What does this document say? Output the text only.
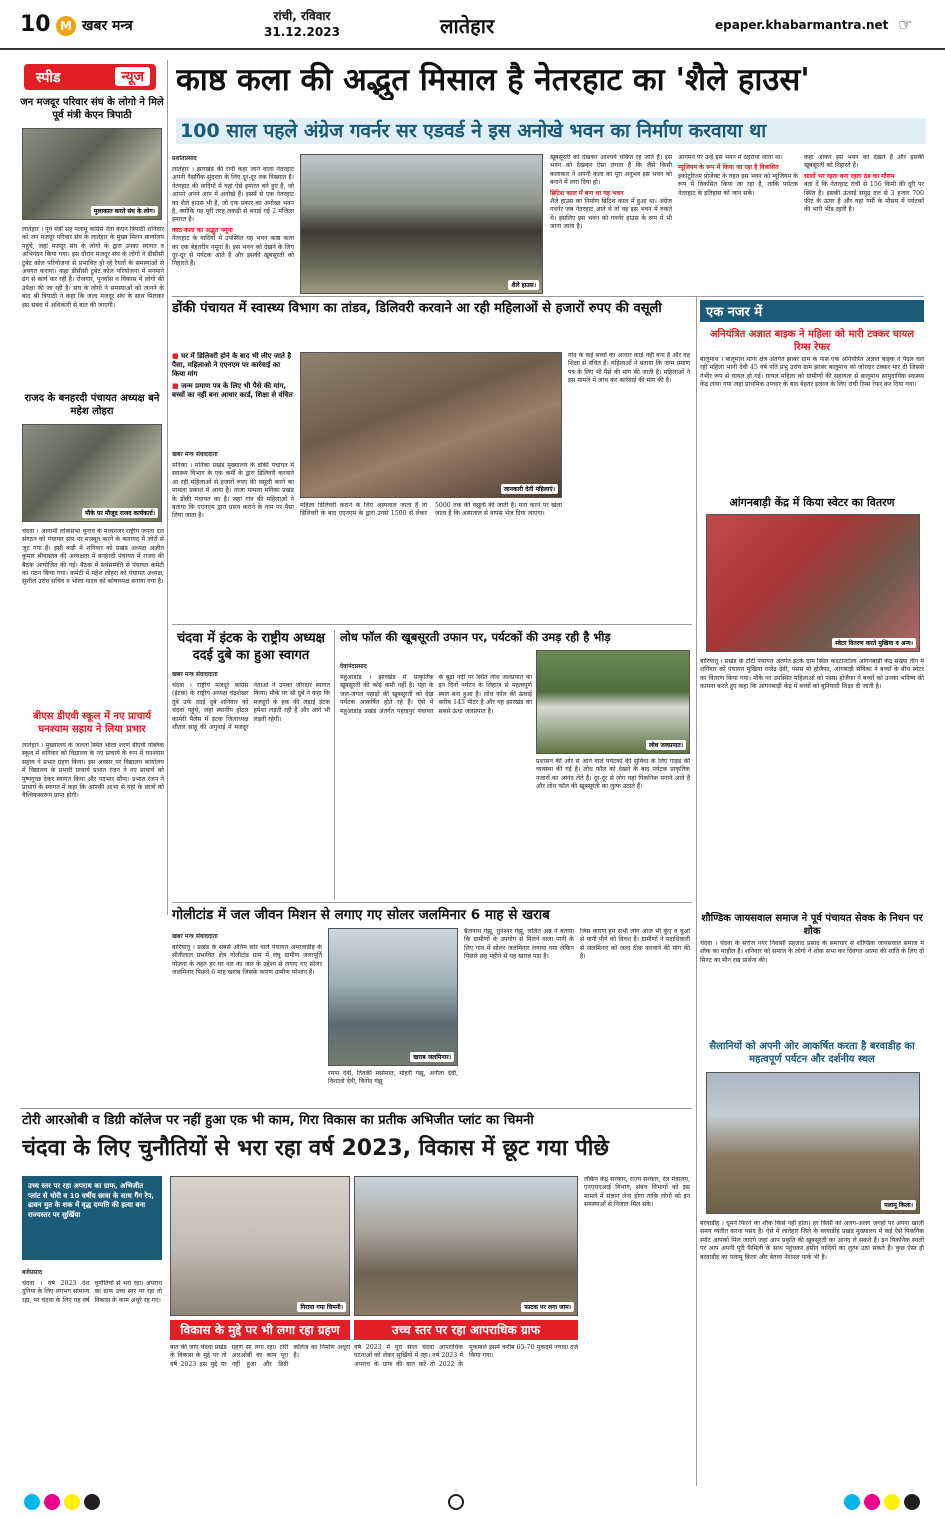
10 M खबर मन्त्र
रांची, रविवार
31.12.2023	लातेहार	epaper.khabarmantra.net ☞
स्पीड	न्यूज
जन मजदूर परिवार संघ के लोगो ने मिले पूर्व मंत्री केएन त्रिपाठी
मुलाकात करते संघ के लोग।
लातेहार । पूर्व मंत्री सह पलामू कांग्रेस नेता केएन त्रिपाठी शनिवार को जन मजदूर परिवार संघ के लातेहार के मुख्य मिलन कार्यालय पहुंचे, जहां मजदूर संघ के लोगो के द्वारा उनका स्वागत व अभिनंदन किया गया। इस दौरान मजदूर संघ के लोगो ने डीसीसी ट्रुबेट कोल परियोजना से प्रभावित हो रहे रैयतों के समस्याओं से अवगत कराया। कहा डीसीसी ट्रुबेट कोल परियोजना में मनमाने ढंग से कार्य कर रही है। रोजगार, पुनर्वास व विकास में लोगो की उपेक्षा की जा रही है। संघ के लोगो ने समस्याओं को जानने के बाद श्री त्रिपाठी ने कहा कि जल्द मजदूर संघ के साथ मिलकर इस संबंध में अधिकारी से बात की जाएगी।
राजद के बनहरदी पंचायत अध्यक्ष बने महेश लोहरा
मौके पर मौजूद राजद कार्यकर्ता।
चंदवा । आगामी लोकसभा चुनाव के मध्यनजर राष्ट्रीय जनता दल संगठन को पंचायत स्तर पर मजबूत करने के कवायद में जोरों से जुट गया है। इसी कड़ी में शनिवार को प्रखंड अध्यक्ष अजीत कुमार श्रीवास्तव की अध्यक्षता में बनहरदी पंचायत में राजद की बैठक आयोजित की गई। बैठक में सर्वसम्मति से पंचायत कमेटी का गठन किया गया। कमेटी में महेश लोहरा को पंचायत अध्यक्ष, सुशील उरांव सचिव व भोला यादव को कोषाध्यक्ष बनाया गया है।
बीएस डीएवी स्कूल में नए प्राचार्य घनश्याम सहाय ने लिया प्रभार
लातेहार । मुख्यालय के जलता स्थित भोला शरण डीएवी पब्लिक स्कूल में शनिवार को विद्यालय के नए प्राचार्य के रूप में घनश्याम सहाय ने प्रभार ग्रहण किया। इस अवसर पर विद्यालय कार्यालय में विद्यालय के प्रभारी प्राचार्य प्रभात रंजन ने नए प्राचार्य को पुष्पगुच्छ देकर स्वागत किया और पदभार सौंपा। प्रभात रंजन ने प्राचार्य के स्वागत में कहा कि आपकी आभा से यहां के छात्रों को वैश्विकस्वरूप प्राप्त होगी।
काष्ठ कला की अद्भुत मिसाल है नेतरहाट का 'शैले हाउस'
100 साल पहले अंग्रेज गवर्नर सर एडवर्ड ने इस अनोखे भवन का निर्माण करवाया था
प्रशांतप्रसाद
लातेहार । झारखंड की रानी कहा जाने वाला नेतरहाट अपनी नैसर्गिक सुंदरता के लिए दूर-दूर तक विख्यात है। नेतरहाट की वादियों में यहां ऐसे इमारत बने हुए हैं, जो आपने अपने आप में अनोखे हैं। इसमें से एक नेतरहाट का शैले हाउस भी है, जो एक प्रकार का अनोखा भवन है, क्योंकि यह पूरी तरह लकड़ी से बनाई गई 2 मंजिला इमारत है।
काठ कला का अद्भुत नमूना
नेतरहाट के वादियों में उपस्थित यह भवन काष्ठ कला का एक बेहतरीन नमूना है। इस भवन को देखने के लिए दूर-दूर से पर्यटक आते हैं और इसकी खूबसूरती को निहारते हैं।
शैले हाउस।
खूबसूरती को देखकर आश्चर्य चकित रह जाते हैं। इस भवन को देखकर ऐसा लगता है कि जैसे किसी कलाकार ने अपनी कला का पूरा अनुभव इस भवन को बनाने में लगा दिया हो।
ब्रिटिश काल में बना था यह भवन
शैले हाउस का निर्माण ब्रिटिश काल में हुआ था। अंग्रेज गवर्नर जब नेतरहाट आते थे तो वह इस भवन में रुकते थे। इसलिए इस भवन को गवर्नर हाउस के रूप में भी जाना जाता है।
आगमन पर उन्हें इस भवन में ठहराया जाता था।
म्यूजियम के रूप में किया जा रहा है विकसित
इकोटूरिज्म प्रोजेक्ट के तहत इस भवन को म्यूजियम के रूप में विकसित किया जा रहा है, ताकि पर्यटक नेतरहाट के इतिहास को जान सकें।
कहा आकर इस भवन को देखते हैं और इसकी खूबसूरती को निहारते हैं।
सालों भर रहता बना रहता ठंड का मौसम
बता दें कि नेतरहाट रांची से 156 किमी की दूरी पर स्थित है। इसकी ऊंचाई समुद्र तल से 3 हजार 700 फीट के ऊपर है और यहां गर्मी के मौसम में पर्यटकों की भारी भीड़ रहती है।
डोंकी पंचायत में स्वास्थ्य विभाग का तांडव, डिलिवरी करवाने आ रही महिलाओं से हजारों रुपए की वसूली
■ घर में डिलिवरी होने के बाद भी लीए जाते है पैसा, महिलाओ ने एएनएम पर कार्रवाई का किया मांग
■ जन्म प्रमाण पत्र के लिए भी पैसे की मांग, बच्चों का नहीं बना आधार कार्ड, शिक्षा से वंचित
खबर मन्त्र संवाददाता
मनिका । मनिका प्रखंड मुख्यालय के डोंकी पंचायत में स्वास्थ्य विभाग के एक कर्मी के द्वारा डिलिवरी करवाने आ रही महिलाओं से हजारों रुपए की वसूली करने का मामला प्रकाश में आया है। ताजा मामला मनिका प्रखंड के डोंकी पंचायत का है। जहां गांव की महिलाओं ने बताया कि एएनएम द्वारा प्रसव कराने के नाम पर पैसा लिया जाता है।
जानकारी देती महिलाएं।
महिला डिलिवरी कराने के लिए अस्पताल जाता है तो डिलिवरी के बाद एएनएम के द्वारा उनसे 1500 से लेकर 5000 तक की वसूली की जाती है। मना करने पर खेला जाता है कि अस्पताल से वापस भेज दिया जाएगा।
गांव के कई बच्चों का आधार कार्ड नहीं बना है और वह शिक्षा से वंचित हैं। महिलाओं ने बताया कि जन्म प्रमाण पत्र के लिए भी पैसे की मांग की जाती है। महिलाओं ने इस मामले में जांच कर कार्रवाई की मांग की है।
एक नजर में
अनियंत्रित अज्ञात बाइक ने महिला को मारी टक्कर घायल रिम्स रेफर
बालूमाथ । बालूमाथ थाना क्षेत्र अंतर्गत झाबर ग्राम के पास एक अनियंत्रित अज्ञात बाइक ने पैदल चल रही महिला भानी देवी 45 वर्ष पति प्रभु उरांव ग्राम झाबर बालूमाथ को जोरदार टक्कर मार दी जिससे गंभीर रूप से घायल हो गई। घायल महिला को ग्रामीणों की सहायता से बालूमाथ सामुदायिक स्वास्थ्य केंद्र लाया गया जहां प्राथमिक उपचार के बाद बेहतर इलाज के लिए रांची रिम्स रेफर कर दिया गया।
आंगनबाड़ी केंद्र में किया स्वेटर का वितरण
स्वेटर वितरण करते मुखिया व अन्य।
बारियातू । प्रखंड के टोंटी पंचायत अंतर्गत इटके ग्राम स्थित कदटाल्टोला आंगनबाड़ी केंद्र संख्या तीन में शनिवार को पंचायत मुखिया राजेंद्र देवी, पंसस मो होजैफा, आंगबाड़ी सेविका ने बच्चों के बीच स्वेटर का वितरण किया गया। मौके पर उपस्थित महिलाओं को पंसस होजैफा ने बच्चों को उनका भविष्य की कामना करते हुए कहा कि आंगनबाड़ी केंद्र में बच्चों को बुनियादी शिक्षा दी जाती है।
शौण्डिक जायसवाल समाज ने पूर्व पंचायत सेवक के निधन पर शोक
चंदवा । चंदवा के सरोज नगर निवासी प्रहलाद प्रसाद के समाचार से शौण्डिक जायसवाल समाज में शोक का माहौल है। शनिवार को समाज के लोगो ने शोक सभा कर दिवंगत आत्मा की शांति के लिए दो मिनट का मौन रख प्रार्थना की।
सैलानियों को अपनी ओर आकर्षित करता है बरवाडीह का महत्वपूर्ण पर्यटन और दर्शनीय स्थल
पलामू किला।
बरवाडीह । धूमने फिरने का शौक किसे नहीं होता। हर किसी को अलग-अलग जगहों पर अपना खाली समय व्यतीत करना पसंद है। ऐसे में लातेहार जिले के बरवाडीह प्रखंड मुख्यालय में कई ऐसे पिकनिक स्पॉट आपको मिल जाएंगे जहां आप प्रकृति की खूबसूरती का आनंद ले सकते हैं। इन पिकनिक स्थलों पर आप अपनी पूरी फैमिली के साथ पहुंचकर हसीन वादियों का लुत्फ उठा सकते हैं। कुछ ऐसा ही बरवाडीह का पलामू किला और बेतला नेशनल पार्क भी है।
चंदवा में इंटक के राष्ट्रीय अध्यक्ष ददई दुबे का हुआ स्वागत
खबर मन्त्र संवाददाता
चंदवा । राष्ट्रीय मजदूर कांग्रेस (इंटक) के राष्ट्रीय अध्यक्ष चंद्रशेखर दुबे उर्फ ददई दुबे शनिवार को चंदवा पहुंचे, जहां स्थानीय होटल कामेरी पैलेस में इंटक जिलाध्यक्ष शीतल साहू की अगुवाई में मजदूर नेताओ ने उनका जोरदार स्वागत किया। मौके पर श्री दुबे ने कहा कि मजदूरों के हक की लड़ाई इंटक हमेशा लड़ती रही है और आगे भी लड़ती रहेगी।
लोध फॉल की खूबसूरती उफान पर, पर्यटकों की उमड़ रही है भीड़
देवानंदप्रसाद
महुआडांड़ । झारखंड में प्राकृतिक खूबसूरती की कोई कमी नहीं है। यहां के जल-जंगल पहाड़ों की खूबसूरती को देख पर्यटक आकर्षित होते रहे हैं। ऐसे में महुआडांड़ प्रखंड अंतर्गत पहाड़पुर पंचायत के बूढ़ा नदी पर स्थित लोध जलप्रपात का इन दिनों पर्यटन के लिहाज से महत्वपूर्ण स्थल बना हुआ है। लोध फॉल की ऊंचाई करीब 143 मीटर है और यह झारखंड का सबसे ऊंचा जलप्रपात है।
लोध जलप्रपात।
प्रशासन की ओर से आने वाले पर्यटकों की सुविधा के लिए गाइड की व्यवस्था की गई है। लोध फॉल को देखने के बाद पर्यटक प्राकृतिक नजारों का आनंद लेते हैं। दूर-दूर से लोग यहां पिकनिक मनाने आते हैं और लोध फॉल की खूबसूरती का लुत्फ उठाते हैं।
गोलीटांड में जल जीवन मिशन से लगाए गए सोलर जलमिनार 6 माह से खराब
खबर मन्त्र संवाददाता
बारियातू । प्रखंड के सबसे अंतिम छोर वाले पंचायत अमरवाडीह के सीतीलाल प्रभावित क्षेत्र गोलीटांड ग्राम में लघु ग्रामीण जलापूर्ति योजना के तहत हर घर नल का जल के उद्देश्य से लगाए गए सोलर जलमिनार पिछले 6 माह खराब जिसके कारण ग्रामीण परेशान हैं।
खराब जलमिनार।
रमपा देवी, तितकी मसोमात, मोहरी गंझू, अनीता देवी, विशालो देवी, बिनोद गंझू
बैजनाथ गंझू, धुनेश्वर गंझू, ललित अन्न ने बताया कि ग्रामीणों के उपयोग से मिलने वाला पानी के लिए गांव में सोलर जलमिनार लगाया गया लेकिन पिछले छह महीने से यह खराब पड़ा है।
जिस कारण हम सभी लोग आज भी कुंए व चुआं से पानी पीने को विवश हैं। ग्रामीणों ने पदाधिकारी से जलमिनार को जल्द ठीक करवाने की मांग की है।
टोरी आरओबी व डिग्री कॉलेज पर नहीं हुआ एक भी काम, गिरा विकास का प्रतीक अभिजीत प्लांट का चिमनी
चंदवा के लिए चुनौतियों से भरा रहा वर्ष 2023, विकास में छूट गया पीछे
उच्च स्तर पर रहा अपराध का ग्राफ, अभिजीत प्लांट से चोरी व 10 वर्षीय छात्रा के साथ गैंग रेप, ढावन मुत के शक में वृद्ध दम्पति की हत्या बना राज्यस्तर पर सुर्खिया
बजेप्रसाद
चंदवा । वर्ष 2023 देश दुनिया के लिए लगभग सामान्य रहा, पर चंदवा के लिए यह वर्ष चुनौतियों से भरा रहा। अपराध का ग्राफ उच्च स्तर पर रहा तो विकास के काम अधूरे रह गए।
गिराया गया चिमनी।	फाटक पर लगा जाम।
लेकिन केंद्र सरकार, राज्य सरकार, रेल मंत्रालय, एनएचएआई विभाग, संबंध विभागों को इस मामले में संज्ञान लेना होगा ताकि लोगों को इन समस्याओं से निजात मिल सके।
विकास के मुद्दे पर भी लगा रहा ग्रहण	उच्च स्तर पर रहा आपराधिक ग्राफ
बात की जाए चंदवा प्रखंड के विकास के मुद्दे पर तो वर्ष 2023 इस मुद्दे पर ग्रहण सा लगा रहा। टोरी आरओबी का काम पूरा नहीं हुआ और डिग्री कॉलेज का निर्माण अधूरा है।
वर्ष 2023 में पूरा साल चंदवा आपराधिक घटनाओं को लेकर सुर्खियों में रहा। वर्ष 2023 में अपराध के ग्राफ की बात करें तो 2022 के मुकाबले इसमें करीब 65-70 मुकदमे ज्यादा दर्ज किया गया।
